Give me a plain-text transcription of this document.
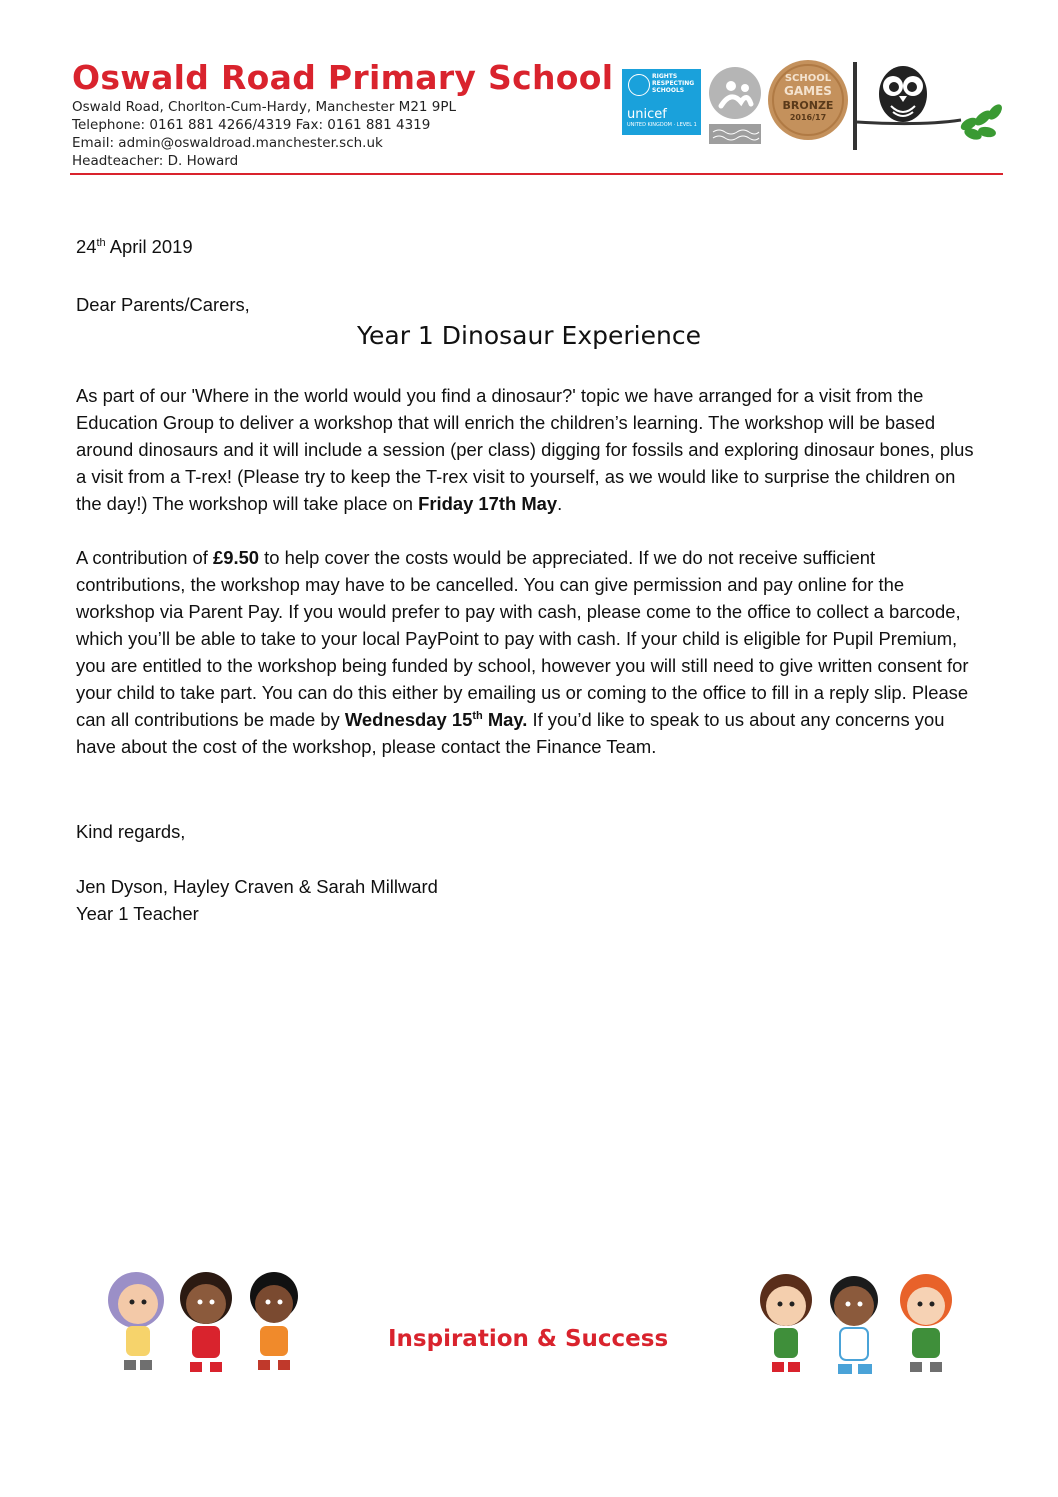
Oswald Road Primary School
Oswald Road, Chorlton-Cum-Hardy, Manchester M21 9PL
Telephone: 0161 881 4266/4319 Fax: 0161 881 4319
Email: admin@oswaldroad.manchester.sch.uk
Headteacher: D. Howard
RIGHTS
RESPECTING
SCHOOLS
unicef
UNITED KINGDOM · LEVEL 1
SCHOOL
GAMES
BRONZE
2016/17
24th April 2019
Dear Parents/Carers,
Year 1 Dinosaur Experience
As part of our 'Where in the world would you find a dinosaur?' topic we have arranged for a visit from the Education Group to deliver a workshop that will enrich the children’s learning. The workshop will be based around dinosaurs and it will include a session (per class) digging for fossils and exploring dinosaur bones, plus a visit from a T-rex! (Please try to keep the T-rex visit to yourself, as we would like to surprise the children on the day!) The workshop will take place on Friday 17th May.
A contribution of £9.50 to help cover the costs would be appreciated. If we do not receive sufficient contributions, the workshop may have to be cancelled. You can give permission and pay online for the workshop via Parent Pay. If you would prefer to pay with cash, please come to the office to collect a barcode, which you’ll be able to take to your local PayPoint to pay with cash. If your child is eligible for Pupil Premium, you are entitled to the workshop being funded by school, however you will still need to give written consent for your child to take part. You can do this either by emailing us or coming to the office to fill in a reply slip. Please can all contributions be made by Wednesday 15th May. If you’d like to speak to us about any concerns you have about the cost of the workshop, please contact the Finance Team.
Kind regards,
Jen Dyson, Hayley Craven & Sarah Millward
Year 1 Teacher
Inspiration & Success
